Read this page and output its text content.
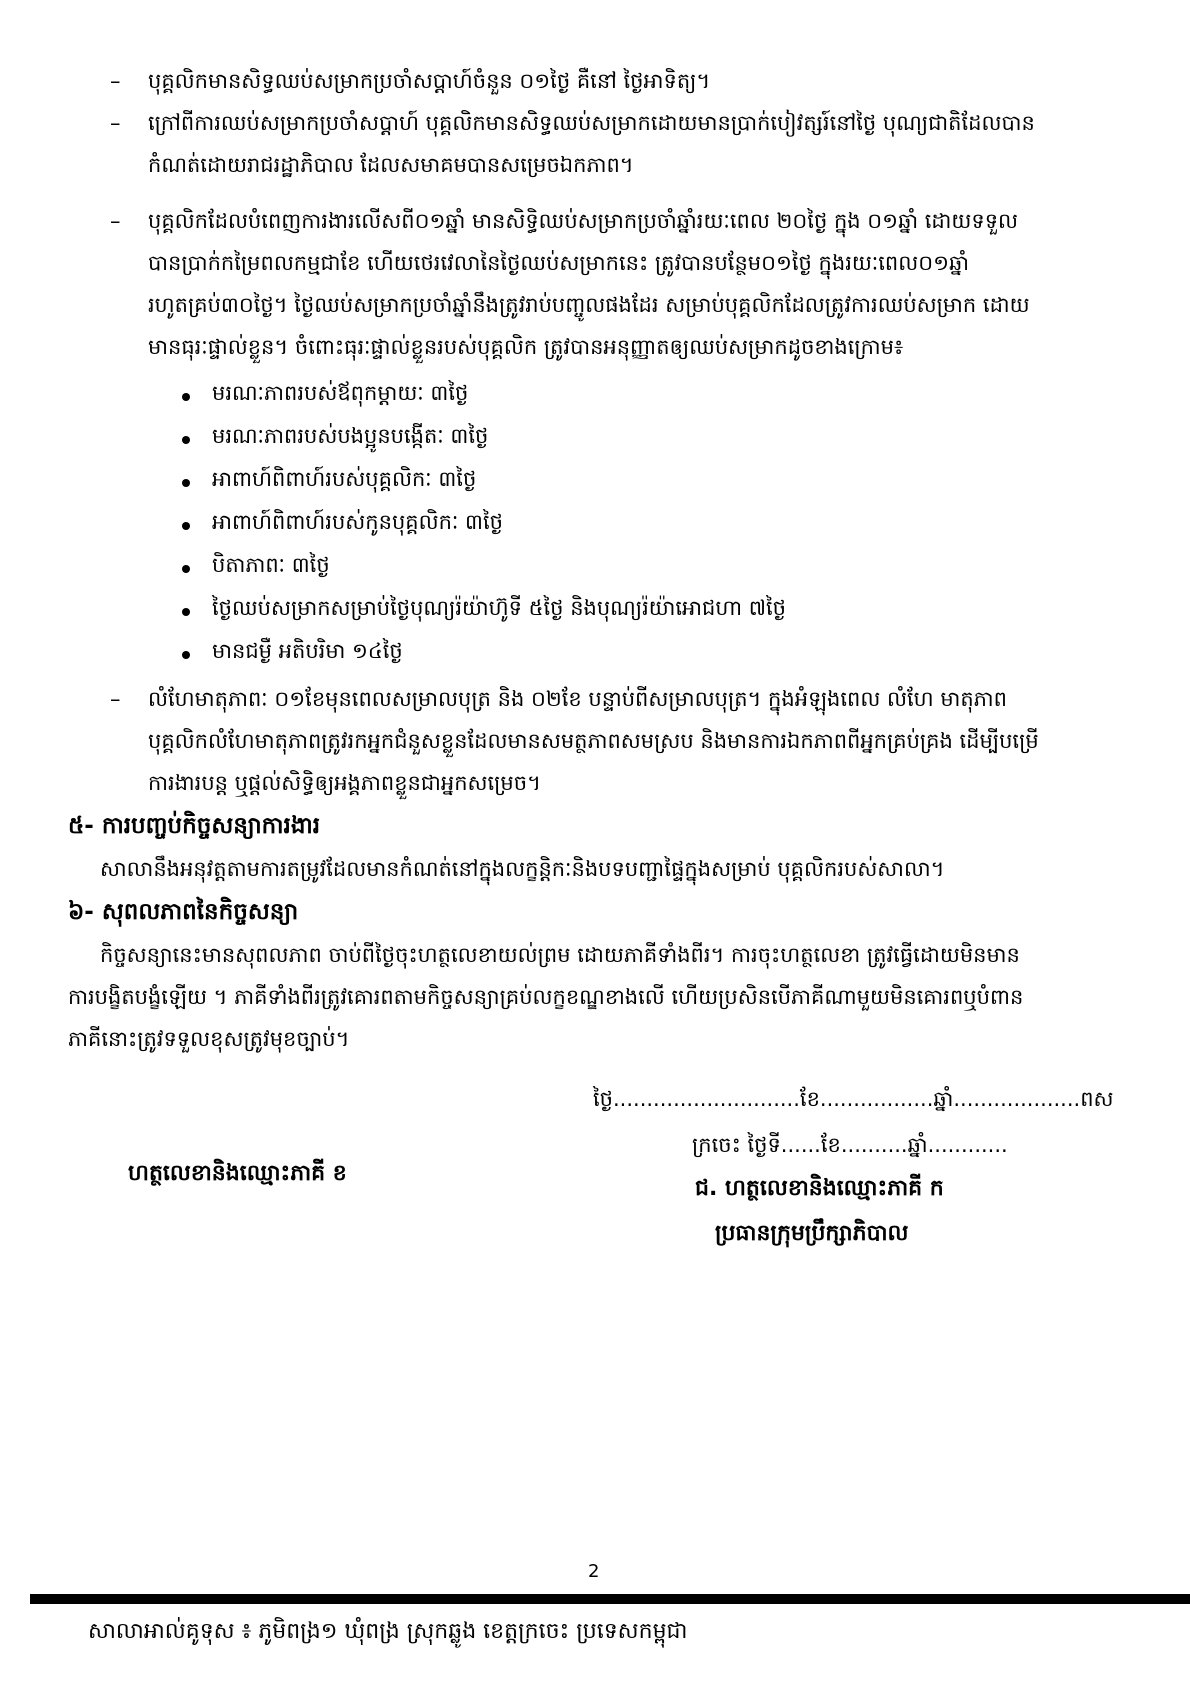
– បុគ្គលិកមានសិទ្ធឈប់សម្រាកប្រចាំសប្តាហ៍ចំនួន ០១ថ្ងៃ គឺនៅ ថ្ងៃអាទិត្យ។
– ក្រៅពីការឈប់សម្រាកប្រចាំសប្តាហ៍ បុគ្គលិកមានសិទ្ធឈប់សម្រាកដោយមានប្រាក់បៀវត្សរ៍នៅថ្ងៃ បុណ្យជាតិដែលបាន
កំណត់ដោយរាជរដ្ឋាភិបាល ដែលសមាគមបានសម្រេចឯកភាព។
– បុគ្គលិកដែលបំពេញការងារលើសពី០១ឆ្នាំ មានសិទ្ធិឈប់សម្រាកប្រចាំឆ្នាំរយៈពេល ២០ថ្ងៃ ក្នុង ០១ឆ្នាំ ដោយទទួល
បានប្រាក់កម្រៃពលកម្មជាខែ ហើយថេរវេលានៃថ្ងៃឈប់សម្រាកនេះ ត្រូវបានបន្ថែម០១ថ្ងៃ ក្នុងរយៈពេល០១ឆ្នាំ
រហូតគ្រប់៣០ថ្ងៃ។ ថ្ងៃឈប់សម្រាកប្រចាំឆ្នាំនឹងត្រូវរាប់បញ្ចូលផងដែរ សម្រាប់បុគ្គលិកដែលត្រូវការឈប់សម្រាក ដោយ
មានធុរៈផ្ទាល់ខ្លួន។ ចំពោះធុរៈផ្ទាល់ខ្លួនរបស់បុគ្គលិក ត្រូវបានអនុញ្ញាតឲ្យឈប់សម្រាកដូចខាងក្រោម៖
មរណៈភាពរបស់ឪពុកម្តាយៈ ៣ថ្ងៃ
មរណៈភាពរបស់បងប្អូនបង្កើតៈ ៣ថ្ងៃ
អាពាហ៍ពិពាហ៍របស់បុគ្គលិកៈ ៣ថ្ងៃ
អាពាហ៍ពិពាហ៍របស់កូនបុគ្គលិកៈ ៣ថ្ងៃ
បិតាភាពៈ ៣ថ្ងៃ
ថ្ងៃឈប់សម្រាកសម្រាប់ថ្ងៃបុណ្យរ៉យ៉ាហ៊ូទី ៥ថ្ងៃ និងបុណ្យរ៉យ៉ាអោជហា ៧ថ្ងៃ
មានជម្ងឺ អតិបរិមា ១៤ថ្ងៃ
– លំហែមាតុភាពៈ ០១ខែមុនពេលសម្រាលបុត្រ និង ០២ខែ បន្ទាប់ពីសម្រាលបុត្រ។ ក្នុងអំឡុងពេល លំហែ មាតុភាព
បុគ្គលិកលំហែមាតុភាពត្រូវរកអ្នកជំនួសខ្លួនដែលមានសមត្ថភាពសមស្រប និងមានការឯកភាពពីអ្នកគ្រប់គ្រង ដើម្បីបម្រើ
ការងារបន្ត ឬផ្តល់សិទ្ធិឲ្យអង្គភាពខ្លួនជាអ្នកសម្រេច។
៥- ការបញ្ចប់កិច្ចសន្យាការងារ
សាលានឹងអនុវត្តតាមការតម្រូវដែលមានកំណត់នៅក្នុងលក្ខន្តិកៈនិងបទបញ្ជាផ្ទៃក្នុងសម្រាប់ បុគ្គលិករបស់សាលា។
៦- សុពលភាពនៃកិច្ចសន្យា
កិច្ចសន្យានេះមានសុពលភាព ចាប់ពីថ្ងៃចុះហត្ថលេខាយល់ព្រម ដោយភាគីទាំងពីរ។ ការចុះហត្ថលេខា ត្រូវធ្វើដោយមិនមាន
ការបង្ខិតបង្ខំឡើយ ។ ភាគីទាំងពីរត្រូវគោរពតាមកិច្ចសន្យាគ្រប់លក្ខខណ្ឌខាងលើ ហើយប្រសិនបើភាគីណាមួយមិនគោរពឬបំពាន
ភាគីនោះត្រូវទទួលខុសត្រូវមុខច្បាប់។
ថ្ងៃ............................ខែ.................ឆ្នាំ...................ពស
ក្រចេះ ថ្ងៃទី......ខែ..........ឆ្នាំ............
ហត្ថលេខានិងឈ្មោះភាគី ខ
ជ. ហត្ថលេខានិងឈ្មោះភាគី ក
ប្រធានក្រុមប្រឹក្សាភិបាល
2
សាលាអាល់គូទុស ៖ ភូមិពង្រ១ ឃុំពង្រ ស្រុកឆ្លូង ខេត្តក្រចេះ ប្រទេសកម្ពុជា
